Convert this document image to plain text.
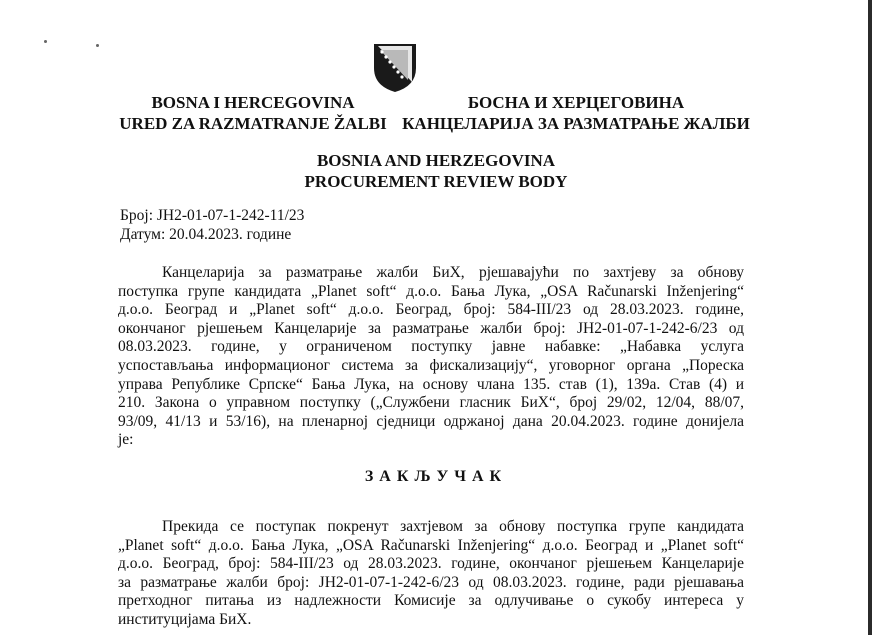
BOSNA I HERCEGOVINA
URED ZA RAZMATRANJE ŽALBI
БОСНА И ХЕРЦЕГОВИНА
КАНЦЕЛАРИЈА ЗА РАЗМАТРАЊЕ ЖАЛБИ
BOSNIA AND HERZEGOVINA
PROCUREMENT REVIEW BODY
Број: ЈН2-01-07-1-242-11/23
Датум: 20.04.2023. године
Канцеларија за разматрање жалби БиХ, рјешавајући по захтјеву за обнову
поступка групе кандидата „Planet soft“ д.о.о. Бања Лука, „OSA Računarski Inženjering“
д.о.о. Београд и „Planet soft“ д.о.о. Београд, број: 584-III/23 од 28.03.2023. године,
окончаног рјешењем Канцеларије за разматрање жалби број: ЈН2-01-07-1-242-6/23 од
08.03.2023. године, у ограниченом поступку јавне набавке: „Набавка услуга
успостављања информационог система за фискализацију“, уговорног органа „Пореска
управа Републике Српске“ Бања Лука, на основу члана 135. став (1), 139а. Став (4) и
210. Закона о управном поступку („Службени гласник БиХ“, број 29/02, 12/04, 88/07,
93/09, 41/13 и 53/16), на пленарној сједници одржаној дана 20.04.2023. године донијела
је:
ЗАКЉУЧАК
Прекида се поступак покренут захтјевом за обнову поступка групе кандидата
„Planet soft“ д.о.о. Бања Лука, „OSA Računarski Inženjering“ д.о.о. Београд и „Planet soft“
д.о.о. Београд, број: 584-III/23 од 28.03.2023. године, окончаног рјешењем Канцеларије
за разматрање жалби број: ЈН2-01-07-1-242-6/23 од 08.03.2023. године, ради рјешавања
претходног питања из надлежности Комисије за одлучивање о сукобу интереса у
институцијама БиХ.
